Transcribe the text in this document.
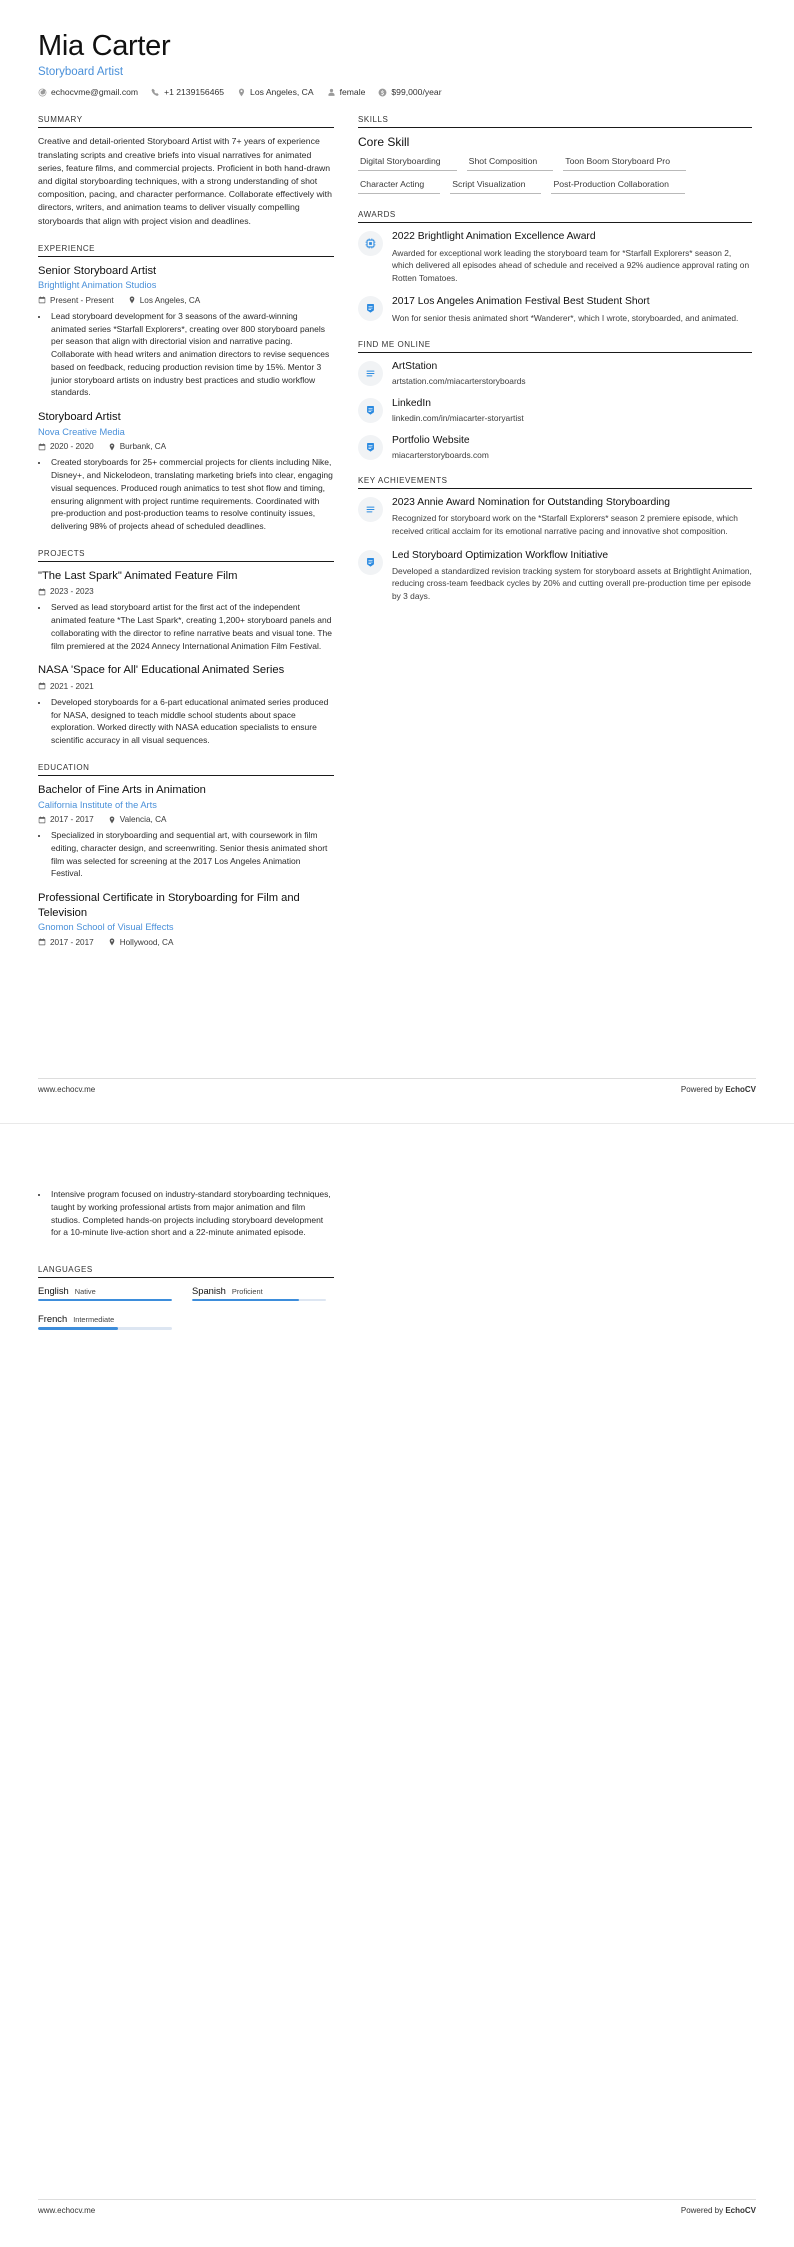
Mia Carter
Storyboard Artist
echocvme@gmail.com	+1 2139156465	Los Angeles, CA	female	$99,000/year
SUMMARY
Creative and detail-oriented Storyboard Artist with 7+ years of experience translating scripts and creative briefs into visual narratives for animated series, feature films, and commercial projects. Proficient in both hand-drawn and digital storyboarding techniques, with a strong understanding of shot composition, pacing, and character performance. Collaborate effectively with directors, writers, and animation teams to deliver visually compelling storyboards that align with project vision and deadlines.
EXPERIENCE
Senior Storyboard Artist
Brightlight Animation Studios
Present - Present	Los Angeles, CA
• Lead storyboard development for 3 seasons of the award-winning animated series *Starfall Explorers*, creating over 800 storyboard panels per season that align with directorial vision and narrative pacing. Collaborate with head writers and animation directors to revise sequences based on feedback, reducing production revision time by 15%. Mentor 3 junior storyboard artists on industry best practices and studio workflow standards.
Storyboard Artist
Nova Creative Media
2020 - 2020	Burbank, CA
• Created storyboards for 25+ commercial projects for clients including Nike, Disney+, and Nickelodeon, translating marketing briefs into clear, engaging visual sequences. Produced rough animatics to test shot flow and timing, ensuring alignment with project runtime requirements. Coordinated with pre-production and post-production teams to resolve continuity issues, delivering 98% of projects ahead of scheduled deadlines.
PROJECTS
"The Last Spark" Animated Feature Film
2023 - 2023
• Served as lead storyboard artist for the first act of the independent animated feature *The Last Spark*, creating 1,200+ storyboard panels and collaborating with the director to refine narrative beats and visual tone. The film premiered at the 2024 Annecy International Animation Film Festival.
NASA 'Space for All' Educational Animated Series
2021 - 2021
• Developed storyboards for a 6-part educational animated series produced for NASA, designed to teach middle school students about space exploration. Worked directly with NASA education specialists to ensure scientific accuracy in all visual sequences.
EDUCATION
Bachelor of Fine Arts in Animation
California Institute of the Arts
2017 - 2017	Valencia, CA
• Specialized in storyboarding and sequential art, with coursework in film editing, character design, and screenwriting. Senior thesis animated short film was selected for screening at the 2017 Los Angeles Animation Festival.
Professional Certificate in Storyboarding for Film and Television
Gnomon School of Visual Effects
2017 - 2017	Hollywood, CA
SKILLS
Core Skill
Digital Storyboarding	Shot Composition	Toon Boom Storyboard Pro
Character Acting	Script Visualization	Post-Production Collaboration
AWARDS
2022 Brightlight Animation Excellence Award
Awarded for exceptional work leading the storyboard team for *Starfall Explorers* season 2, which delivered all episodes ahead of schedule and received a 92% audience approval rating on Rotten Tomatoes.
2017 Los Angeles Animation Festival Best Student Short
Won for senior thesis animated short *Wanderer*, which I wrote, storyboarded, and animated.
FIND ME ONLINE
ArtStation
artstation.com/miacarterstoryboards
LinkedIn
linkedin.com/in/miacarter-storyartist
Portfolio Website
miacarterstoryboards.com
KEY ACHIEVEMENTS
2023 Annie Award Nomination for Outstanding Storyboarding
Recognized for storyboard work on the *Starfall Explorers* season 2 premiere episode, which received critical acclaim for its emotional narrative pacing and innovative shot composition.
Led Storyboard Optimization Workflow Initiative
Developed a standardized revision tracking system for storyboard assets at Brightlight Animation, reducing cross-team feedback cycles by 20% and cutting overall pre-production time per episode by 3 days.
www.echocv.me	Powered by EchoCV
• Intensive program focused on industry-standard storyboarding techniques, taught by working professional artists from major animation and film studios. Completed hands-on projects including storyboard development for a 10-minute live-action short and a 22-minute animated episode.
LANGUAGES
English Native	Spanish Proficient
French Intermediate
www.echocv.me	Powered by EchoCV
